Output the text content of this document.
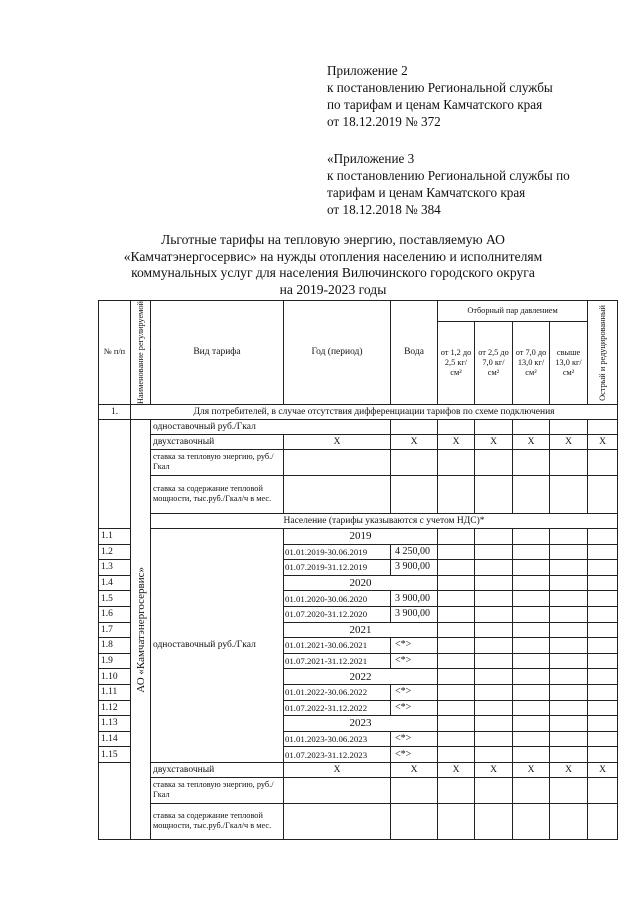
Приложение 2
к постановлению Региональной службы
по тарифам и ценам Камчатского края
от 18.12.2019 № 372
«Приложение 3
к постановлению Региональной службы по
тарифам и ценам Камчатского края
от 18.12.2018 № 384
Льготные тарифы на тепловую энергию, поставляемую АО
«Камчатэнергосервис» на нужды отопления населению и исполнителям
коммунальных услуг для населения Вилючинского городского округа
на 2019-2023 годы
№ п/п	Наименование регулируемой	Вид тарифа	Год (период)	Вода	Отборный пар давлением				Острый и редуцированный

					от 1,2 до 2,5 кг/см²	от 2,5 до 7,0 кг/см²	от 7,0 до 13,0 кг/см²	свыше 13,0 кг/см²	
1.	Для потребителей, в случае отсутствия дифференциации тарифов по схеме подключения								

	АО «Камчатэнергосервис»	одноставочный руб./Гкал							
		двухставочный	Х	Х	Х	Х	Х	Х	Х
		ставка за тепловую энергию, руб./Гкал							
		ставка за содержание тепловой мощности, тыс.руб./Гкал/ч в мес.							
		Население (тарифы указываются с учетом НДС)*							
1.1		одноставочный руб./Гкал	2019						
1.2			01.01.2019-30.06.2019	4 250,00					
1.3			01.07.2019-31.12.2019	3 900,00					
1.4			2020						
1.5			01.01.2020-30.06.2020	3 900,00					
1.6			01.07.2020-31.12.2020	3 900,00					
1.7			2021						
1.8			01.01.2021-30.06.2021	<*>					
1.9			01.07.2021-31.12.2021	<*>					
1.10			2022						
1.11			01.01.2022-30.06.2022	<*>					
1.12			01.07.2022-31.12.2022	<*>					
1.13			2023						
1.14			01.01.2023-30.06.2023	<*>					
1.15			01.07.2023-31.12.2023	<*>					
		двухставочный	Х	Х	Х	Х	Х	Х	Х
		ставка за тепловую энергию, руб./Гкал							
		ставка за содержание тепловой мощности, тыс.руб./Гкал/ч в мес.							
